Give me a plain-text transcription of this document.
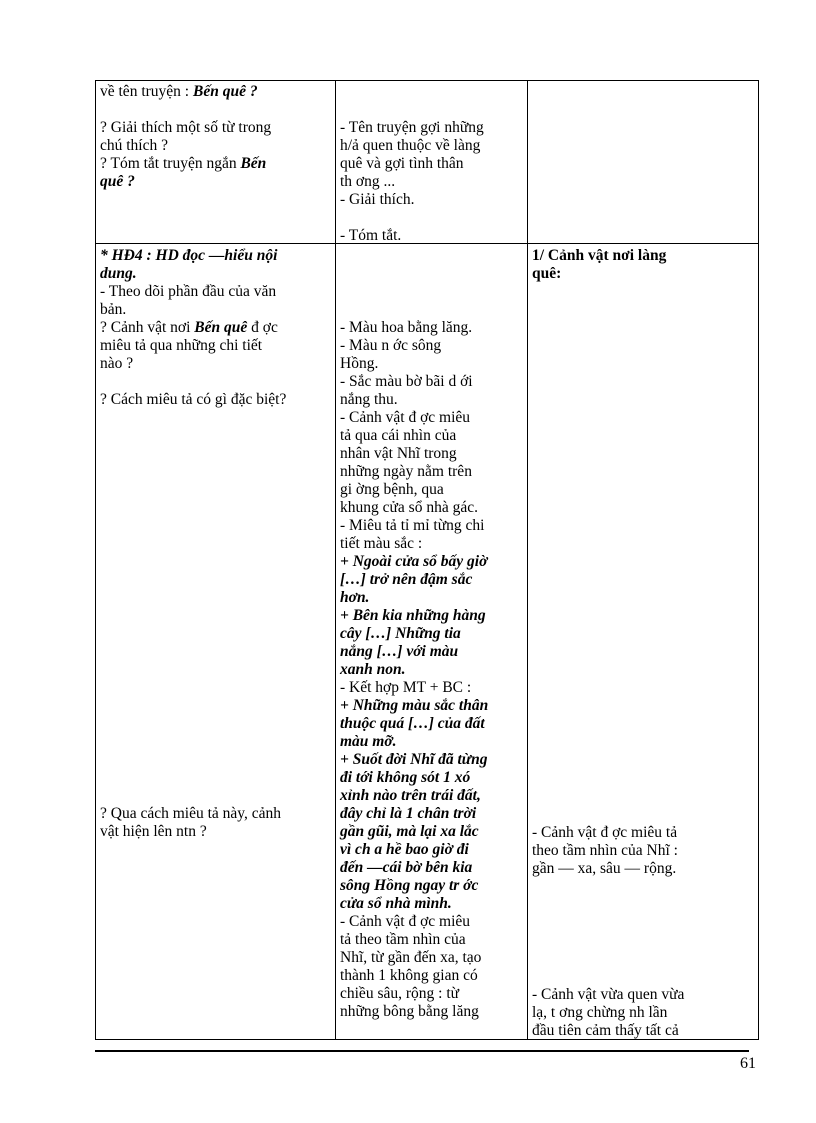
về tên truyện : Bến quê ?
? Giải thích một số từ trong
chú thích ?
? Tóm tắt truyện ngắn Bến
quê ?
- Tên truyện gợi những
h/ả quen thuộc về làng
quê và gợi tình thân
th ơng ...
- Giải thích.
- Tóm tắt.
* HĐ4 : HD đọc —hiểu nội
dung.
- Theo dõi phần đầu của văn
bản.
? Cảnh vật nơi Bến quê đ ợc
miêu tả qua những chi tiết
nào ?
? Cách miêu tả có gì đặc biệt?
? Qua cách miêu tả này, cảnh
vật hiện lên ntn ?
- Màu hoa bằng lăng.
- Màu n ớc sông
Hồng.
- Sắc màu bờ bãi d ới
nắng thu.
- Cảnh vật đ ợc miêu
tả qua cái nhìn của
nhân vật Nhĩ trong
những ngày nằm trên
gi ờng bệnh, qua
khung cửa sổ nhà gác.
- Miêu tả tỉ mỉ từng chi
tiết màu sắc :
+ Ngoài cửa sổ bấy giờ
[…] trở nên đậm sắc
hơn.
+ Bên kia những hàng
cây […] Những tia
nắng […] với màu
xanh non.
- Kết hợp MT + BC :
+ Những màu sắc thân
thuộc quá […] của đất
màu mỡ.
+ Suốt đời Nhĩ đã từng
đi tới không sót 1 xó
xỉnh nào trên trái đất,
đây chỉ là 1 chân trời
gần gũi, mà lại xa lắc
vì ch a hề bao giờ đi
đến —cái bờ bên kia
sông Hồng ngay tr ớc
cửa sổ nhà mình.
- Cảnh vật đ ợc miêu
tả theo tầm nhìn của
Nhĩ, từ gần đến xa, tạo
thành 1 không gian có
chiều sâu, rộng : từ
những bông bằng lăng
1/ Cảnh vật nơi làng
quê:
- Cảnh vật đ ợc miêu tả
theo tầm nhìn của Nhĩ :
gần — xa, sâu — rộng.
- Cảnh vật vừa quen vừa
lạ, t ơng chừng nh lần
đầu tiên cảm thấy tất cả
61
